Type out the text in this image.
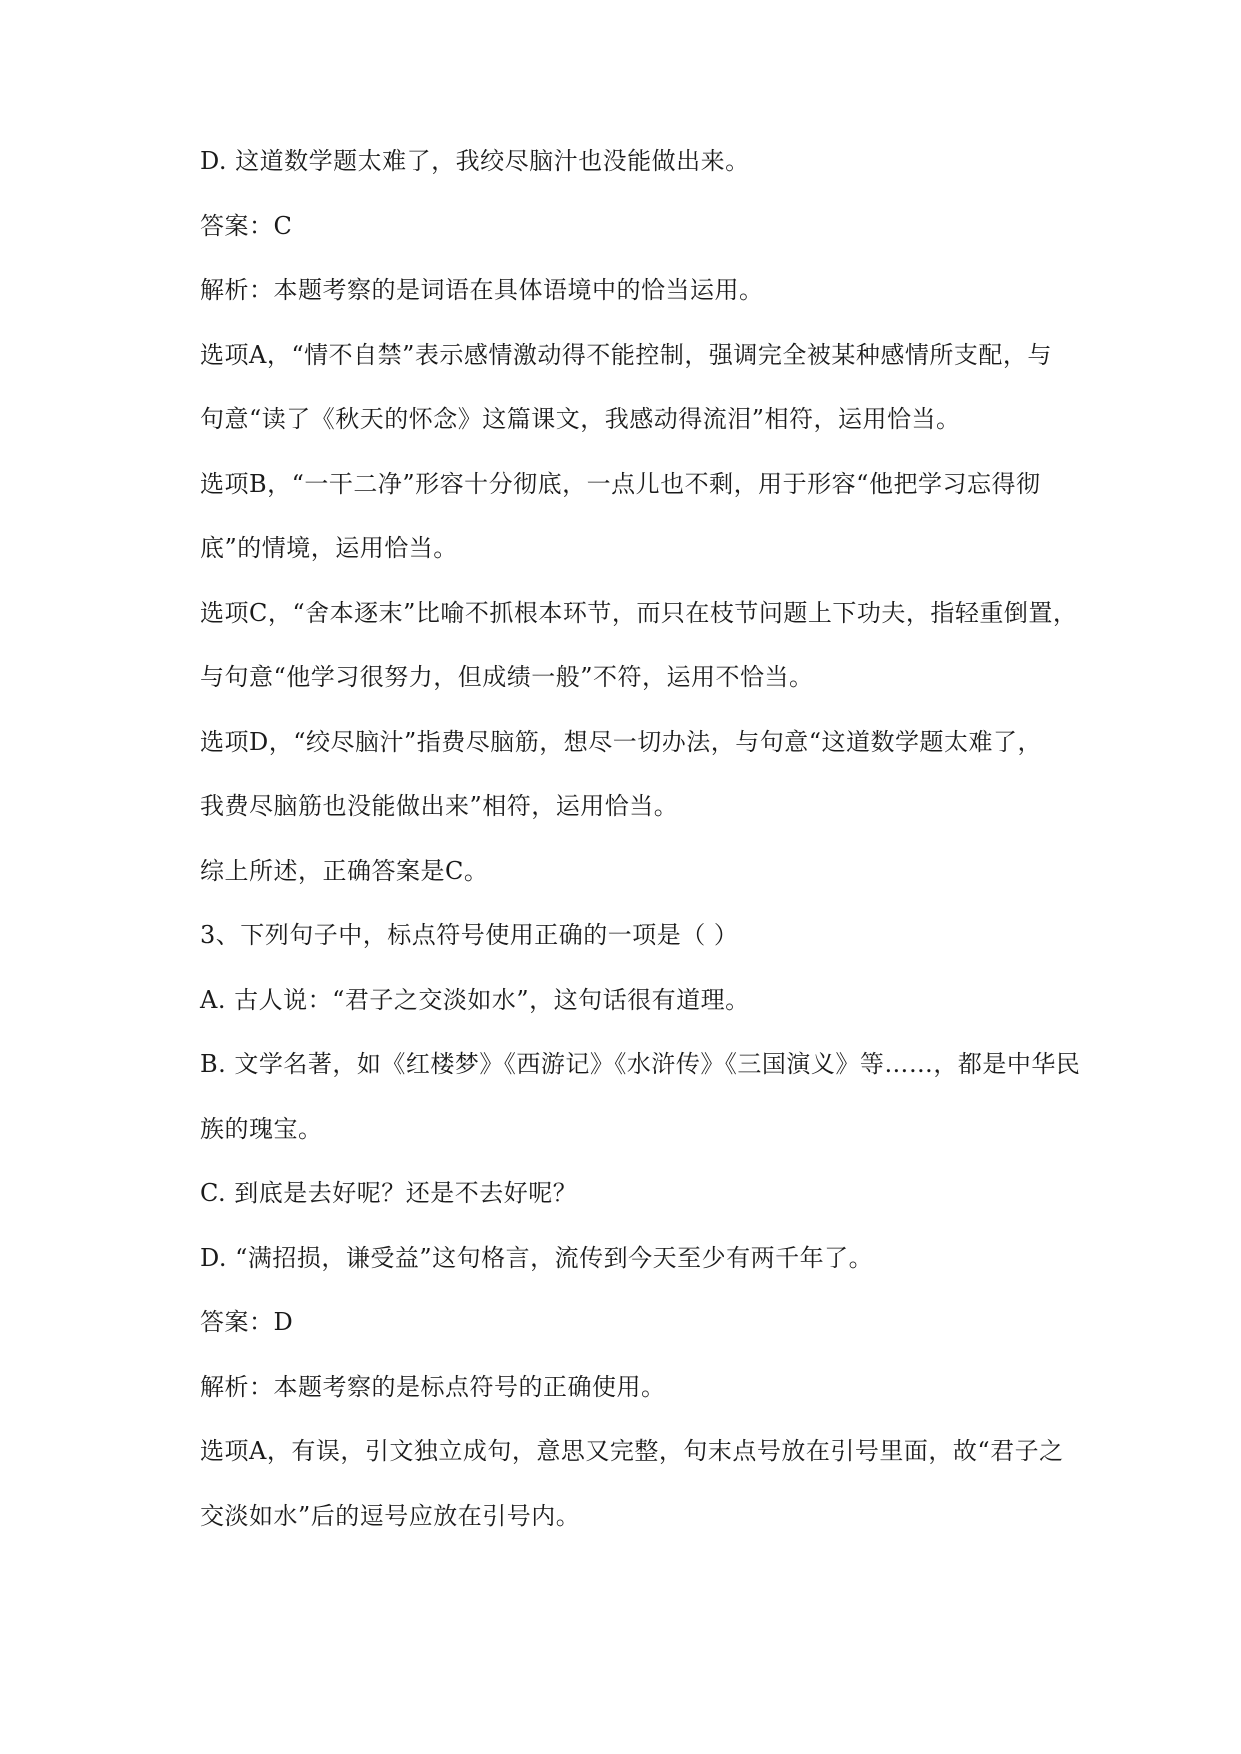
D. 这道数学题太难了，我绞尽脑汁也没能做出来。

答案：C

解析：本题考察的是词语在具体语境中的恰当运用。

选项A，“情不自禁”表示感情激动得不能控制，强调完全被某种感情所支配，与

句意“读了《秋天的怀念》这篇课文，我感动得流泪”相符，运用恰当。

选项B，“一干二净”形容十分彻底，一点儿也不剩，用于形容“他把学习忘得彻

底”的情境，运用恰当。

选项C，“舍本逐末”比喻不抓根本环节，而只在枝节问题上下功夫，指轻重倒置，

与句意“他学习很努力，但成绩一般”不符，运用不恰当。

选项D，“绞尽脑汁”指费尽脑筋，想尽一切办法，与句意“这道数学题太难了，

我费尽脑筋也没能做出来”相符，运用恰当。

综上所述，正确答案是C。

3、下列句子中，标点符号使用正确的一项是（ ）

A. 古人说：“君子之交淡如水”，这句话很有道理。

B. 文学名著，如《红楼梦》《西游记》《水浒传》《三国演义》等……，都是中华民

族的瑰宝。

C. 到底是去好呢？还是不去好呢？

D. “满招损，谦受益”这句格言，流传到今天至少有两千年了。

答案：D

解析：本题考察的是标点符号的正确使用。

选项A，有误，引文独立成句，意思又完整，句末点号放在引号里面，故“君子之

交淡如水”后的逗号应放在引号内。
